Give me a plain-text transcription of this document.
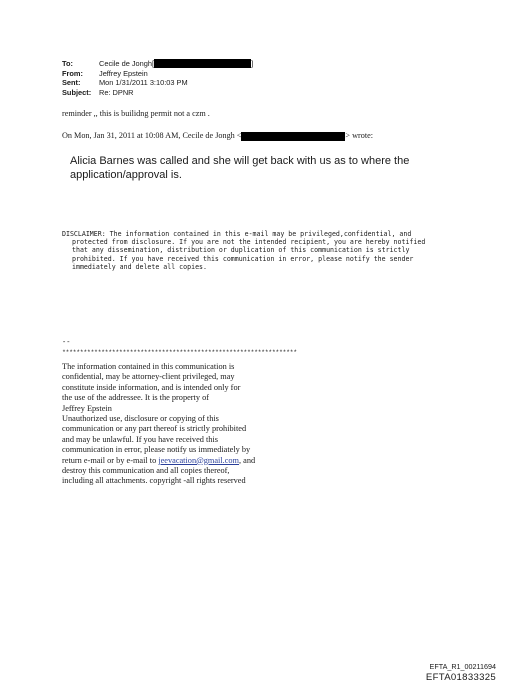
To:	Cecile de Jongh [	]
From:	Jeffrey Epstein
Sent:	Mon 1/31/2011 3:10:03 PM
Subject:	Re: DPNR
reminder ,, this is builidng permit not a czm .
On Mon, Jan 31, 2011 at 10:08 AM, Cecile de Jongh <	> wrote:
Alicia Barnes was called and she will get back with us as to where the application/approval is.
DISCLAIMER: The information contained in this e-mail may be privileged,confidential, and
protected from disclosure. If you are not the intended recipient, you are hereby notified
that any dissemination, distribution or duplication of this communication is strictly
prohibited. If you have received this communication in error, please notify the sender
immediately and delete all copies.
--
******************************************************************
The information contained in this communication is
confidential, may be attorney-client privileged, may
constitute inside information, and is intended only for
the use of the addressee. It is the property of
Jeffrey Epstein
Unauthorized use, disclosure or copying of this
communication or any part thereof is strictly prohibited
and may be unlawful. If you have received this
communication in error, please notify us immediately by
return e-mail or by e-mail to jeevacation@gmail.com, and
destroy this communication and all copies thereof,
including all attachments. copyright -all rights reserved
EFTA_R1_00211694
EFTA01833325
